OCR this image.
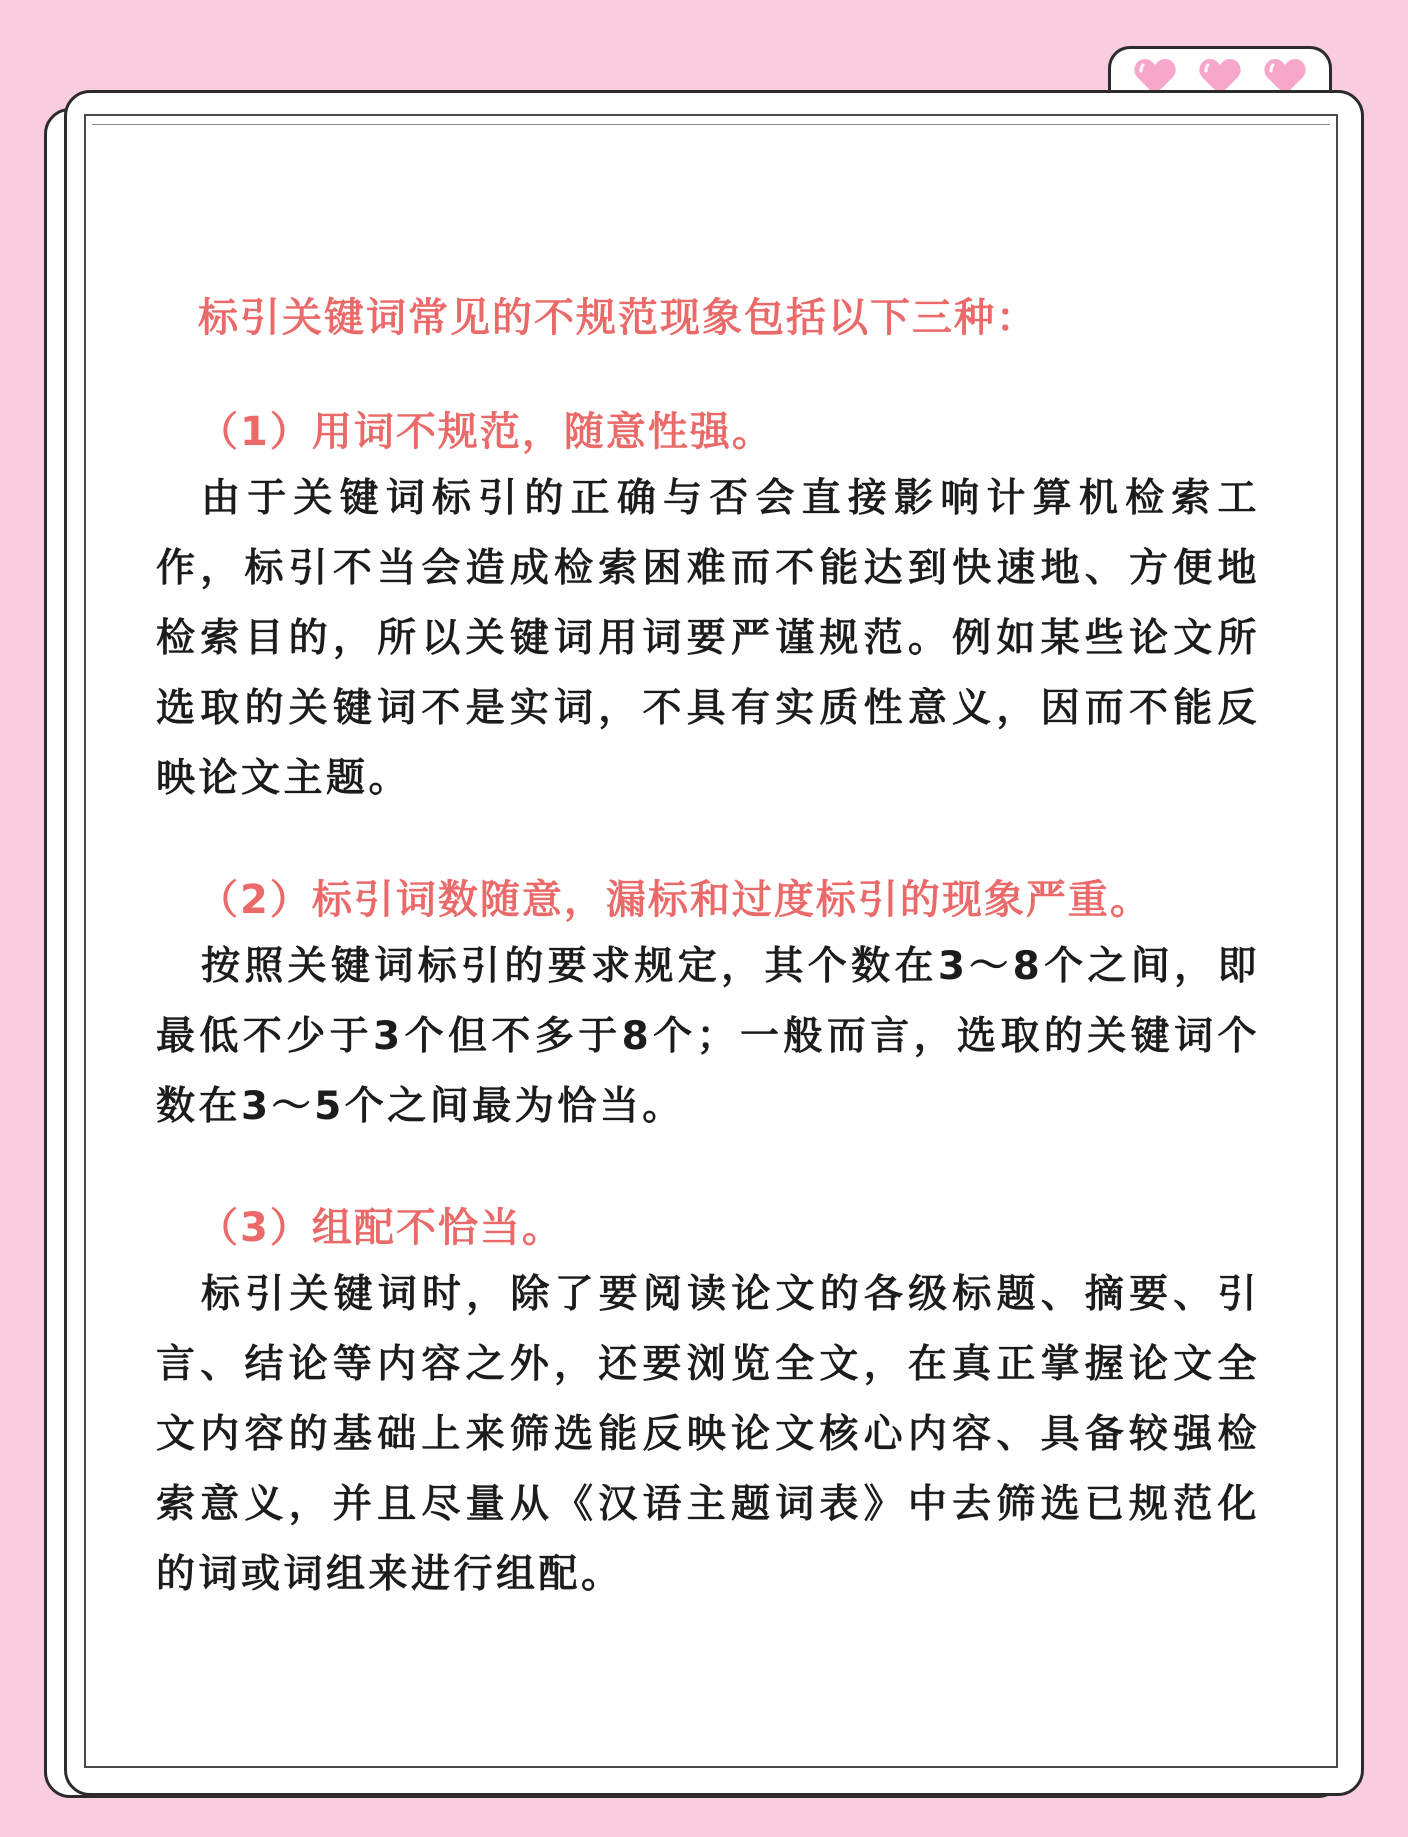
标引关键词常见的不规范现象包括以下三种：
（1）用词不规范，随意性强。

由于关键词标引的正确与否会直接影响计算机检索工作，标引不当会造成检索困难而不能达到快速地、方便地检索目的，所以关键词用词要严谨规范。例如某些论文所选取的关键词不是实词，不具有实质性意义，因而不能反映论文主题。

（2）标引词数随意，漏标和过度标引的现象严重。

按照关键词标引的要求规定，其个数在3～8个之间，即最低不少于3个但不多于8个；一般而言，选取的关键词个数在3～5个之间最为恰当。

（3）组配不恰当。

标引关键词时，除了要阅读论文的各级标题、摘要、引言、结论等内容之外，还要浏览全文，在真正掌握论文全文内容的基础上来筛选能反映论文核心内容、具备较强检索意义，并且尽量从《汉语主题词表》中去筛选已规范化的词或词组来进行组配。
